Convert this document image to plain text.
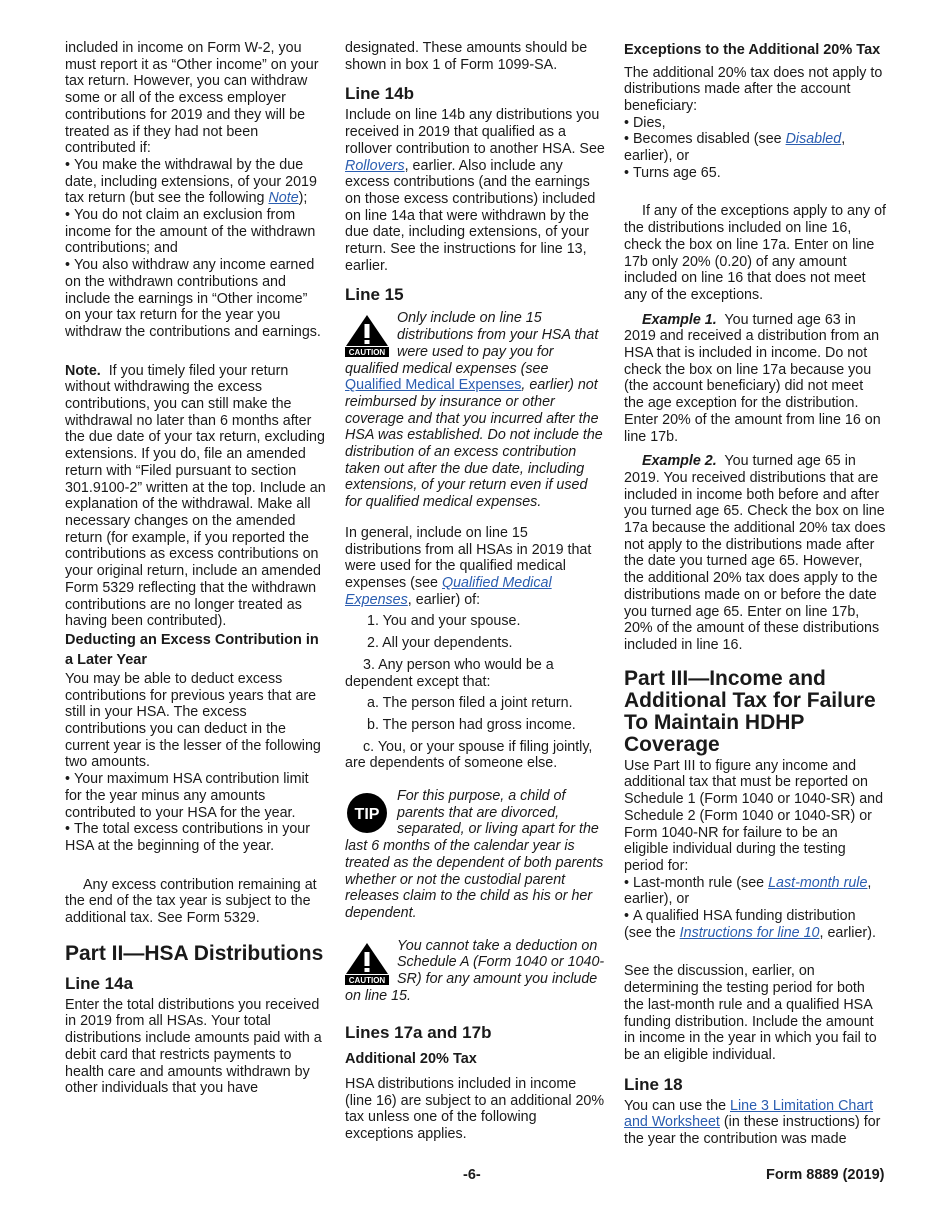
included in income on Form W-2, you must report it as “Other income” on your tax return. However, you can withdraw some or all of the excess employer contributions for 2019 and they will be treated as if they had not been contributed if:

• You make the withdrawal by the due date, including extensions, of your 2019 tax return (but see the following Note);

• You do not claim an exclusion from income for the amount of the withdrawn contributions; and

• You also withdraw any income earned on the withdrawn contributions and include the earnings in “Other income” on your tax return for the year you withdraw the contributions and earnings.

Note. If you timely filed your return without withdrawing the excess contributions, you can still make the withdrawal no later than 6 months after the due date of your tax return, excluding extensions. If you do, file an amended return with “Filed pursuant to section 301.9100-2” written at the top. Include an explanation of the withdrawal. Make all necessary changes on the amended return (for example, if you reported the contributions as excess contributions on your original return, include an amended Form 5329 reflecting that the withdrawn contributions are no longer treated as having been contributed).

Deducting an Excess Contribution in a Later Year

You may be able to deduct excess contributions for previous years that are still in your HSA. The excess contributions you can deduct in the current year is the lesser of the following two amounts.

• Your maximum HSA contribution limit for the year minus any amounts contributed to your HSA for the year.

• The total excess contributions in your HSA at the beginning of the year.

Any excess contribution remaining at the end of the tax year is subject to the additional tax. See Form 5329.

Part II—HSA Distributions

Line 14a

Enter the total distributions you received in 2019 from all HSAs. Your total distributions include amounts paid with a debit card that restricts payments to health care and amounts withdrawn by other individuals that you have

designated. These amounts should be shown in box 1 of Form 1099-SA.

Line 14b

Include on line 14b any distributions you received in 2019 that qualified as a rollover contribution to another HSA. See Rollovers, earlier. Also include any excess contributions (and the earnings on those excess contributions) included on line 14a that were withdrawn by the due date, including extensions, of your return. See the instructions for line 13, earlier.

Line 15

CAUTION
Only include on line 15 distributions from your HSA that were used to pay you for qualified medical expenses (see Qualified Medical Expenses, earlier) not reimbursed by insurance or other coverage and that you incurred after the HSA was established. Do not include the distribution of an excess contribution taken out after the due date, including extensions, of your return even if used for qualified medical expenses.

In general, include on line 15 distributions from all HSAs in 2019 that were used for the qualified medical expenses (see Qualified Medical Expenses, earlier) of:

1. You and your spouse.

2. All your dependents.

3. Any person who would be a dependent except that:

a. The person filed a joint return.

b. The person had gross income.

c. You, or your spouse if filing jointly, are dependents of someone else.

TIP
For this purpose, a child of parents that are divorced, separated, or living apart for the last 6 months of the calendar year is treated as the dependent of both parents whether or not the custodial parent releases claim to the child as his or her dependent.
CAUTION
You cannot take a deduction on Schedule A (Form 1040 or 1040-SR) for any amount you include on line 15.

Lines 17a and 17b

Additional 20% Tax

HSA distributions included in income (line 16) are subject to an additional 20% tax unless one of the following exceptions applies.

Exceptions to the Additional 20% Tax

The additional 20% tax does not apply to distributions made after the account beneficiary:

• Dies,

• Becomes disabled (see Disabled, earlier), or

• Turns age 65.

If any of the exceptions apply to any of the distributions included on line 16, check the box on line 17a. Enter on line 17b only 20% (0.20) of any amount included on line 16 that does not meet any of the exceptions.

Example 1. You turned age 63 in 2019 and received a distribution from an HSA that is included in income. Do not check the box on line 17a because you (the account beneficiary) did not meet the age exception for the distribution. Enter 20% of the amount from line 16 on line 17b.

Example 2. You turned age 65 in 2019. You received distributions that are included in income both before and after you turned age 65. Check the box on line 17a because the additional 20% tax does not apply to the distributions made after the date you turned age 65. However, the additional 20% tax does apply to the distributions made on or before the date you turned age 65. Enter on line 17b, 20% of the amount of these distributions included in line 16.

Part III—Income and Additional Tax for Failure To Maintain HDHP Coverage

Use Part III to figure any income and additional tax that must be reported on Schedule 1 (Form 1040 or 1040-SR) and Schedule 2 (Form 1040 or 1040-SR) or Form 1040-NR for failure to be an eligible individual during the testing period for:

• Last-month rule (see Last-month rule, earlier), or

• A qualified HSA funding distribution (see the Instructions for line 10, earlier).

See the discussion, earlier, on determining the testing period for both the last-month rule and a qualified HSA funding distribution. Include the amount in income in the year in which you fail to be an eligible individual.

Line 18

You can use the Line 3 Limitation Chart and Worksheet (in these instructions) for the year the contribution was made

-6-	Form 8889 (2019)
